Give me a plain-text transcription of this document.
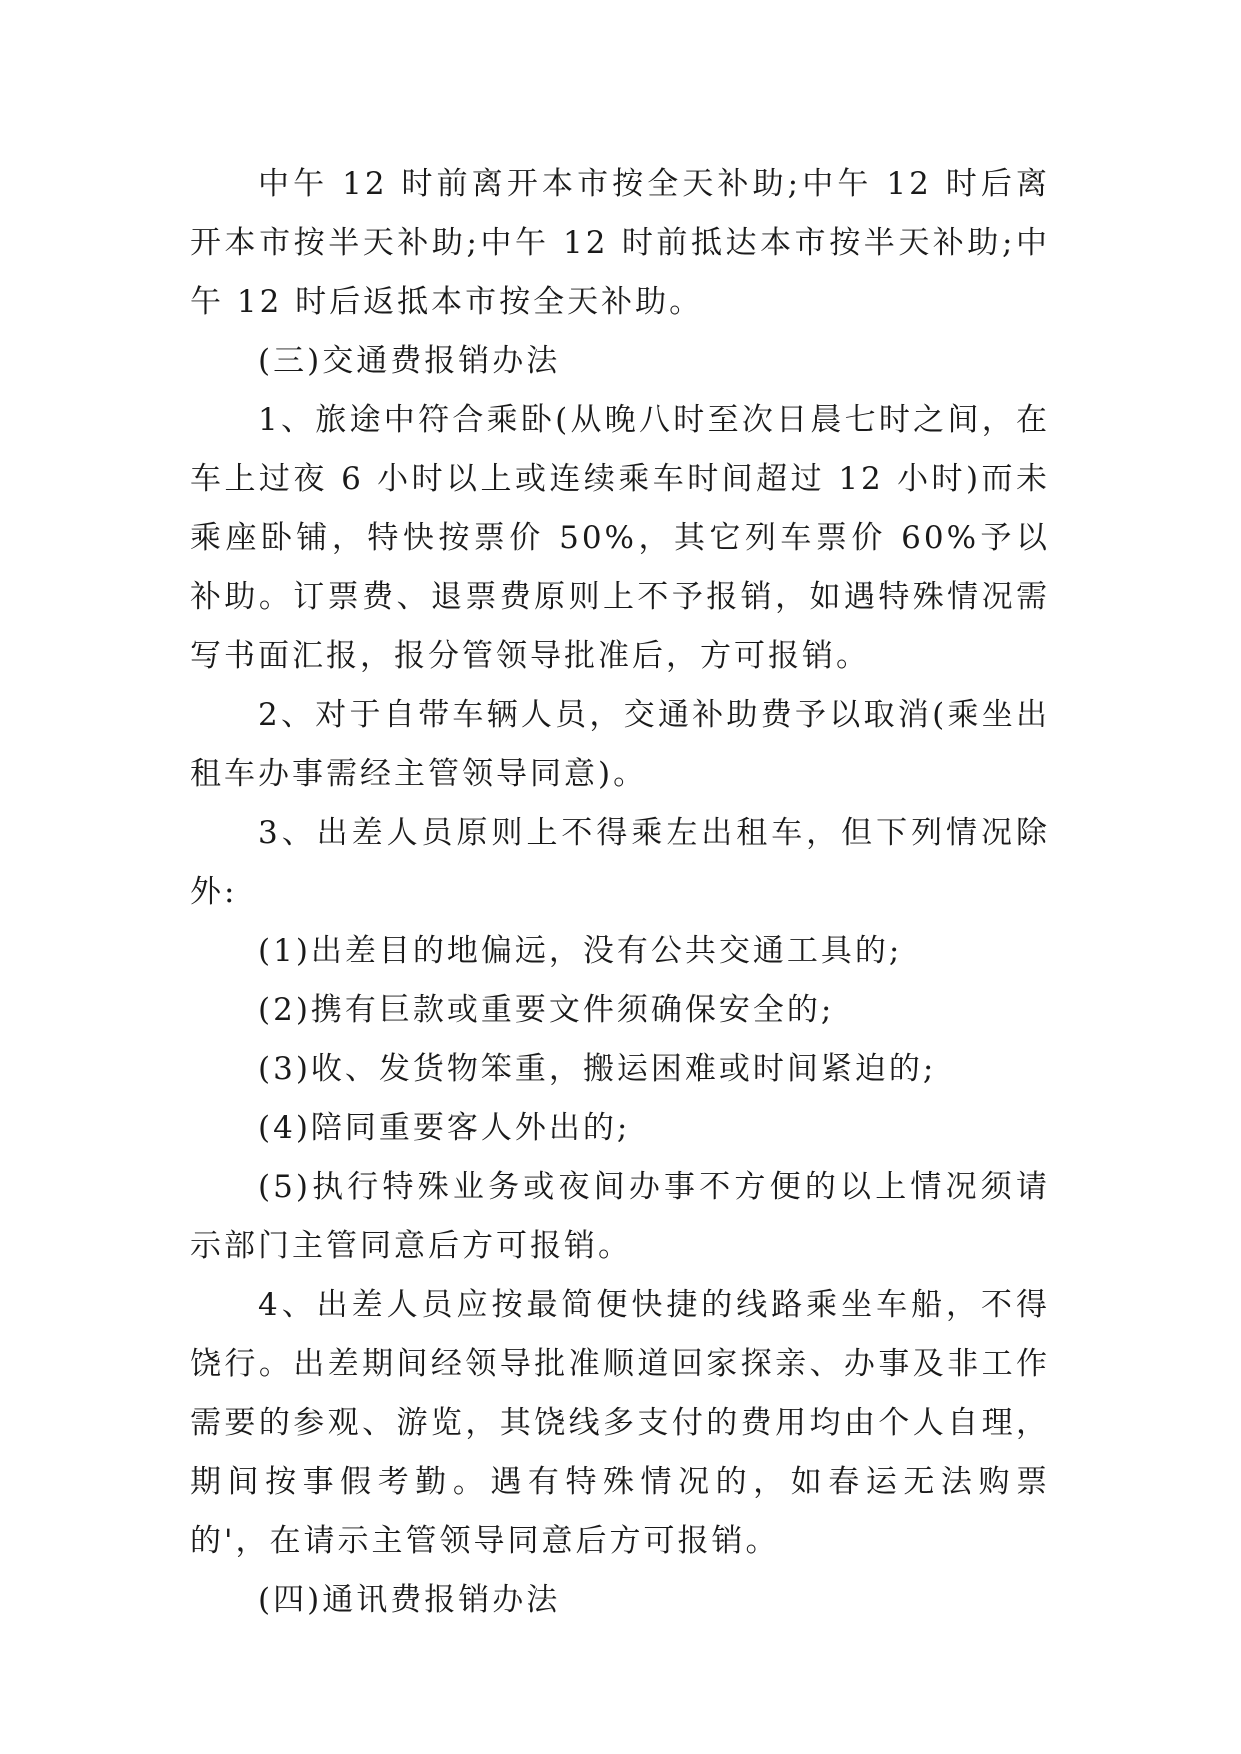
中午 12 时前离开本市按全天补助;中午 12 时后离开本市按半天补助;中午 12 时前抵达本市按半天补助;中午 12 时后返抵本市按全天补助。

(三)交通费报销办法

1、旅途中符合乘卧(从晚八时至次日晨七时之间，在车上过夜 6 小时以上或连续乘车时间超过 12 小时)而未乘座卧铺，特快按票价 50%，其它列车票价 60%予以补助。订票费、退票费原则上不予报销，如遇特殊情况需写书面汇报，报分管领导批准后，方可报销。

2、对于自带车辆人员，交通补助费予以取消(乘坐出租车办事需经主管领导同意)。

3、出差人员原则上不得乘左出租车，但下列情况除外:

(1)出差目的地偏远，没有公共交通工具的;

(2)携有巨款或重要文件须确保安全的;

(3)收、发货物笨重，搬运困难或时间紧迫的;

(4)陪同重要客人外出的;

(5)执行特殊业务或夜间办事不方便的以上情况须请示部门主管同意后方可报销。

4、出差人员应按最简便快捷的线路乘坐车船，不得饶行。出差期间经领导批准顺道回家探亲、办事及非工作需要的参观、游览，其饶线多支付的费用均由个人自理，期间按事假考勤。遇有特殊情况的，如春运无法购票的'，在请示主管领导同意后方可报销。

(四)通讯费报销办法
